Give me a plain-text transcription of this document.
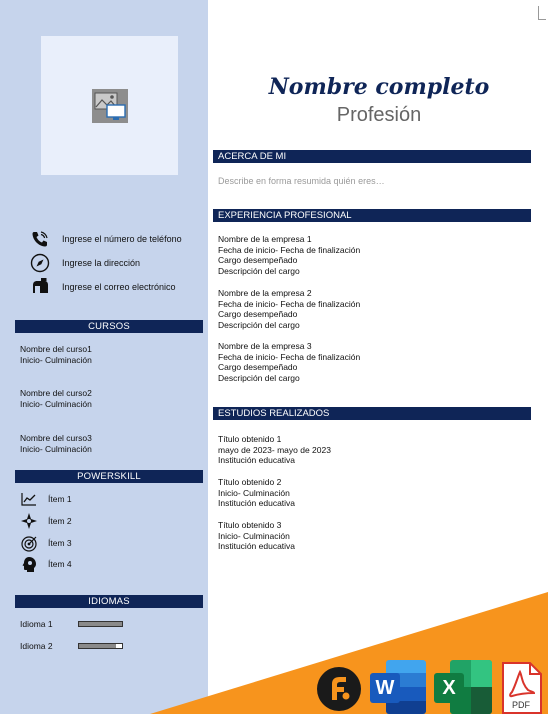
Ingrese el número de teléfono
Ingrese la dirección
Ingrese el correo electrónico
CURSOS
Nombre del curso1
Inicio- Culminación
Nombre del curso2
Inicio- Culminación
Nombre del curso3
Inicio- Culminación
POWERSKILL
Ítem 1
Ítem 2
Ítem 3
Ítem 4
IDIOMAS
Idioma 1
Idioma 2
Nombre completo
Profesión
ACERCA DE MI
Describe en forma resumida quién eres…
EXPERIENCIA PROFESIONAL
Nombre de la empresa 1
Fecha de inicio- Fecha de finalización
Cargo desempeñado
Descripción del cargo
Nombre de la empresa 2
Fecha de inicio- Fecha de finalización
Cargo desempeñado
Descripción del cargo
Nombre de la empresa 3
Fecha de inicio- Fecha de finalización
Cargo desempeñado
Descripción del cargo
ESTUDIOS REALIZADOS
Título obtenido 1
mayo de 2023- mayo de 2023
Institución educativa
Título obtenido 2
Inicio- Culminación
Institución educativa
Título obtenido 3
Inicio- Culminación
Institución educativa
W	X
PDF
